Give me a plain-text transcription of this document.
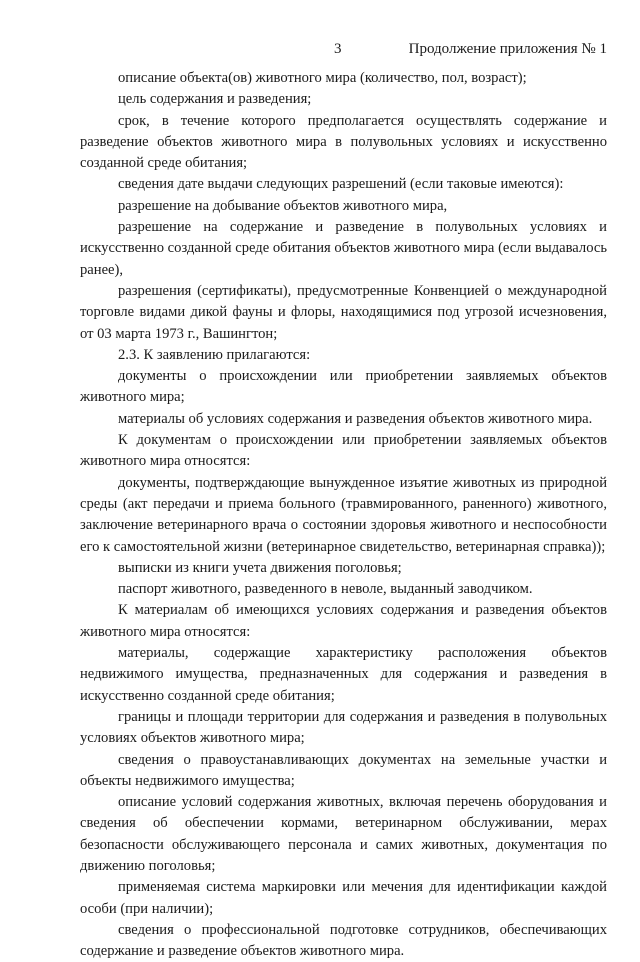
3	Продолжение приложения № 1

описание объекта(ов) животного мира (количество, пол, возраст);

цель содержания и разведения;

срок, в течение которого предполагается осуществлять содержание и разведение объектов животного мира в полувольных условиях и искусственно созданной среде обитания;

сведения дате выдачи следующих разрешений (если таковые имеются):

разрешение на добывание объектов животного мира,

разрешение на содержание и разведение в полувольных условиях и искусственно созданной среде обитания объектов животного мира (если выдавалось ранее),

разрешения (сертификаты), предусмотренные Конвенцией о международной торговле видами дикой фауны и флоры, находящимися под угрозой исчезновения, от 03 марта 1973 г., Вашингтон;

2.3. К заявлению прилагаются:

документы о происхождении или приобретении заявляемых объектов животного мира;

материалы об условиях содержания и разведения объектов животного мира.

К документам о происхождении или приобретении заявляемых объектов животного мира относятся:

документы, подтверждающие вынужденное изъятие животных из природной среды (акт передачи и приема больного (травмированного, раненного) животного, заключение ветеринарного врача о состоянии здоровья животного и неспособности его к самостоятельной жизни (ветеринарное свидетельство, ветеринарная справка));

выписки из книги учета движения поголовья;

паспорт животного, разведенного в неволе, выданный заводчиком.

К материалам об имеющихся условиях содержания и разведения объектов животного мира относятся:

материалы, содержащие характеристику расположения объектов недвижимого имущества, предназначенных для содержания и разведения в искусственно созданной среде обитания;

границы и площади территории для содержания и разведения в полувольных условиях объектов животного мира;

сведения о правоустанавливающих документах на земельные участки и объекты недвижимого имущества;

описание условий содержания животных, включая перечень оборудования и сведения об обеспечении кормами, ветеринарном обслуживании, мерах безопасности обслуживающего персонала и самих животных, документация по движению поголовья;

применяемая система маркировки или мечения для идентификации каждой особи (при наличии);

сведения о профессиональной подготовке сотрудников, обеспечивающих содержание и разведение объектов животного мира.
